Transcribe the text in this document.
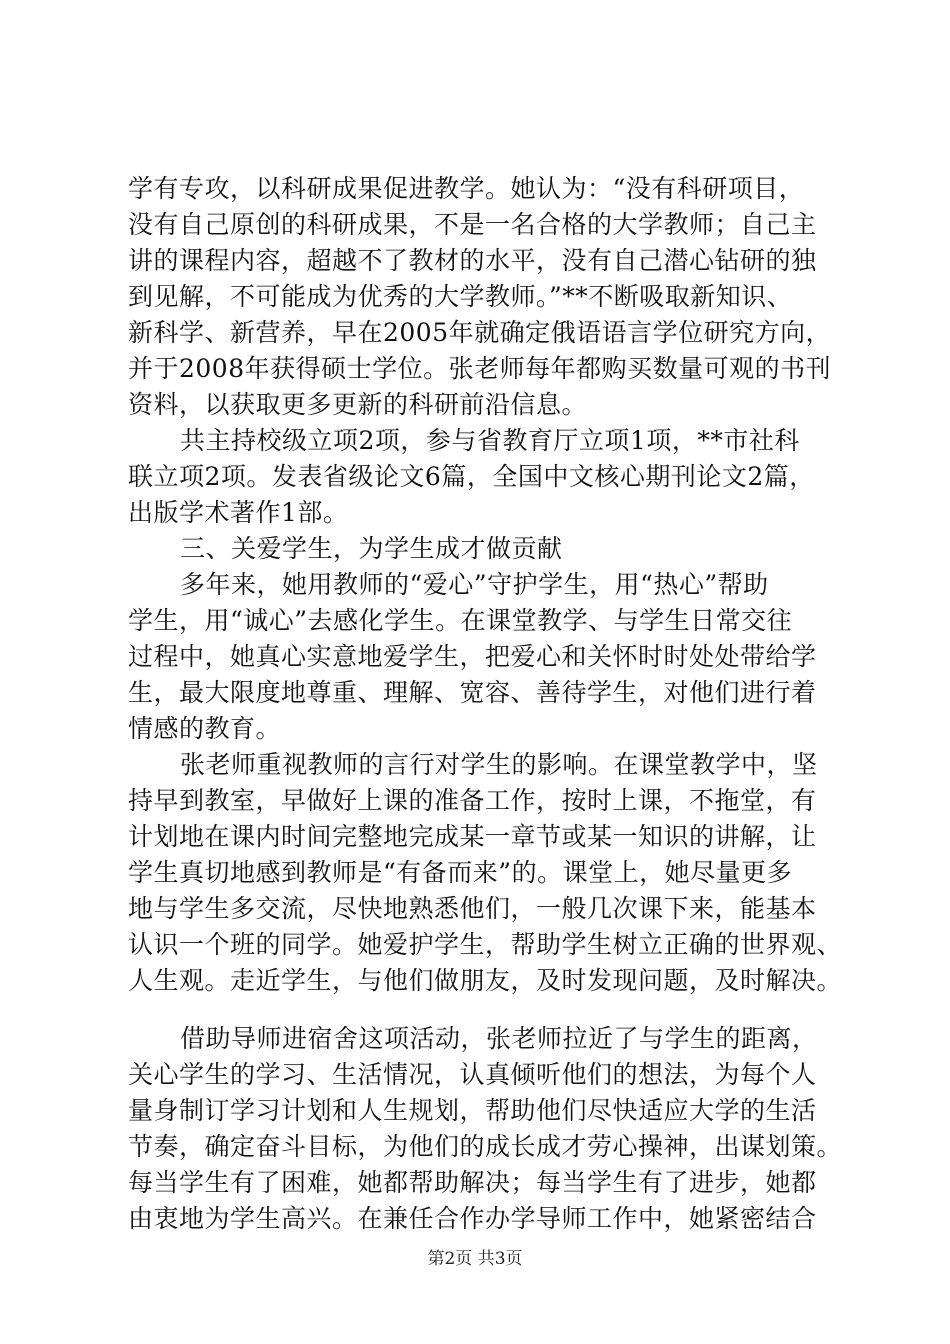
学有专攻，以科研成果促进教学。她认为：“没有科研项目，
没有自己原创的科研成果，不是一名合格的大学教师；自己主
讲的课程内容，超越不了教材的水平，没有自己潜心钻研的独
到见解，不可能成为优秀的大学教师。”**不断吸取新知识、
新科学、新营养，早在2005年就确定俄语语言学位研究方向，
并于2008年获得硕士学位。张老师每年都购买数量可观的书刊
资料，以获取更多更新的科研前沿信息。
共主持校级立项2项，参与省教育厅立项1项，**市社科
联立项2项。发表省级论文6篇，全国中文核心期刊论文2篇，
出版学术著作1部。
三、关爱学生，为学生成才做贡献
多年来，她用教师的“爱心”守护学生，用“热心”帮助
学生，用“诚心”去感化学生。在课堂教学、与学生日常交往
过程中，她真心实意地爱学生，把爱心和关怀时时处处带给学
生，最大限度地尊重、理解、宽容、善待学生，对他们进行着
情感的教育。
张老师重视教师的言行对学生的影响。在课堂教学中，坚
持早到教室，早做好上课的准备工作，按时上课，不拖堂，有
计划地在课内时间完整地完成某一章节或某一知识的讲解，让
学生真切地感到教师是“有备而来”的。课堂上，她尽量更多
地与学生多交流，尽快地熟悉他们，一般几次课下来，能基本
认识一个班的同学。她爱护学生，帮助学生树立正确的世界观、
人生观。走近学生，与他们做朋友，及时发现问题，及时解决。
借助导师进宿舍这项活动，张老师拉近了与学生的距离，
关心学生的学习、生活情况，认真倾听他们的想法，为每个人
量身制订学习计划和人生规划，帮助他们尽快适应大学的生活
节奏，确定奋斗目标，为他们的成长成才劳心操神，出谋划策。
每当学生有了困难，她都帮助解决；每当学生有了进步，她都
由衷地为学生高兴。在兼任合作办学导师工作中，她紧密结合
第2页 共3页
